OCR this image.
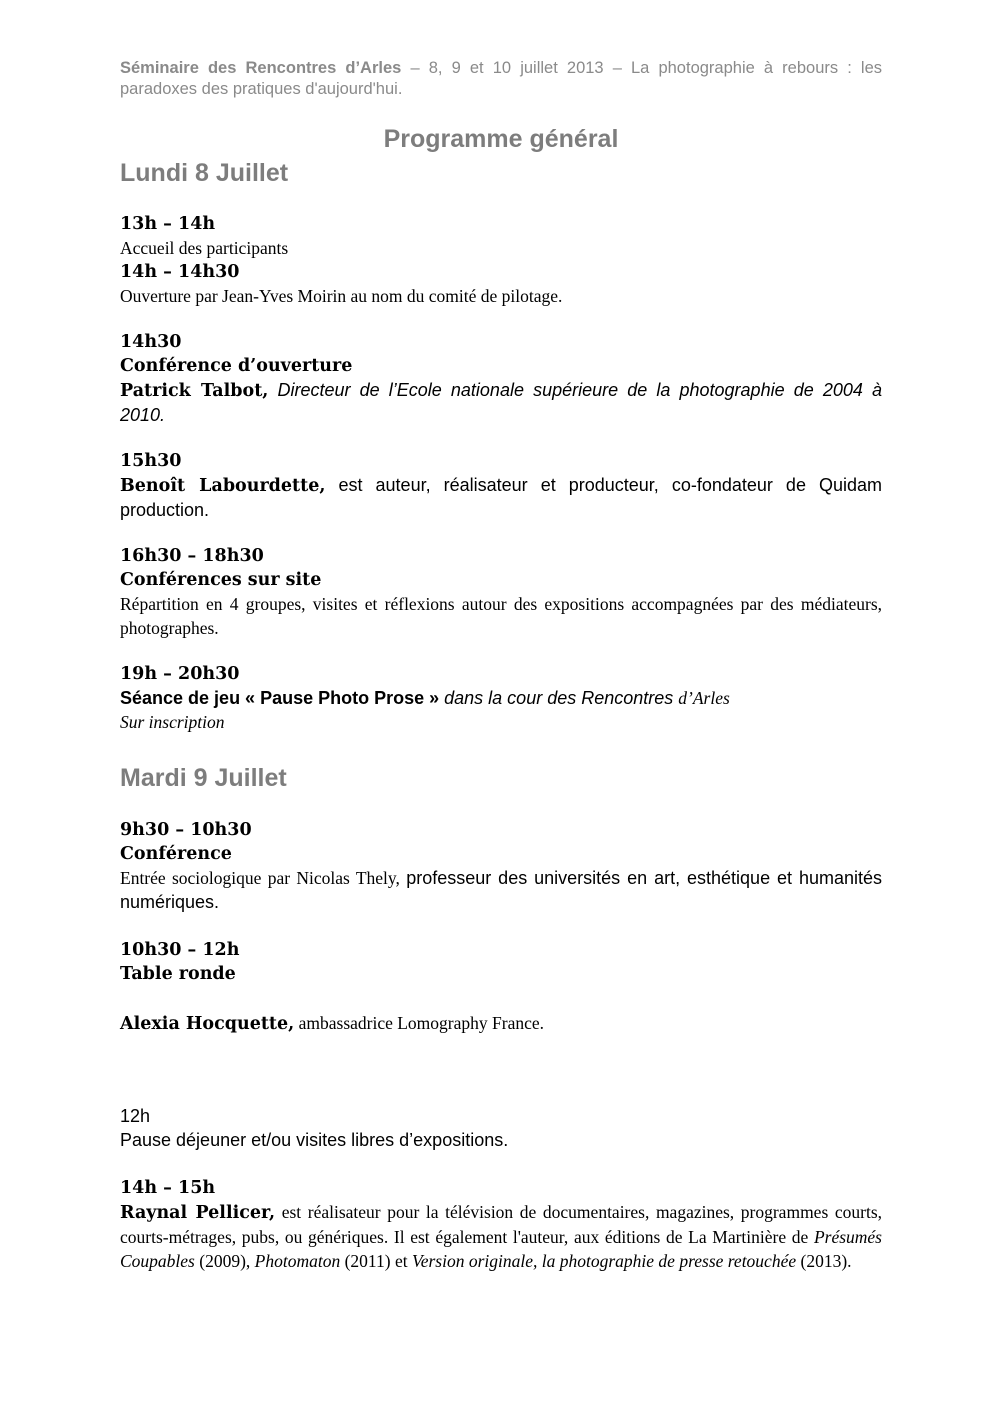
Séminaire des Rencontres d’Arles – 8, 9 et 10 juillet 2013 – La photographie à rebours : les paradoxes des pratiques d'aujourd'hui.
Programme général
Lundi 8 Juillet
13h – 14h
Accueil des participants
14h – 14h30
Ouverture par Jean-Yves Moirin au nom du comité de pilotage.
14h30
Conférence d’ouverture
Patrick Talbot, Directeur de l’Ecole nationale supérieure de la photographie de 2004 à 2010.
15h30
Benoît Labourdette, est auteur, réalisateur et producteur, co-fondateur de Quidam production.
16h30 – 18h30
Conférences sur site
Répartition en 4 groupes, visites et réflexions autour des expositions accompagnées par des médiateurs, photographes.
19h – 20h30
Séance de jeu « Pause Photo Prose » dans la cour des Rencontres d’Arles
Sur inscription
Mardi 9 Juillet
9h30 – 10h30
Conférence
Entrée sociologique par Nicolas Thely, professeur des universités en art, esthétique et humanités numériques.
10h30 – 12h
Table ronde
Alexia Hocquette, ambassadrice Lomography France.
12h
Pause déjeuner et/ou visites libres d’expositions.
14h – 15h
Raynal Pellicer, est réalisateur pour la télévision de documentaires, magazines, programmes courts, courts-métrages, pubs, ou génériques. Il est également l'auteur, aux éditions de La Martinière de Présumés Coupables (2009), Photomaton (2011) et Version originale, la photographie de presse retouchée (2013).
